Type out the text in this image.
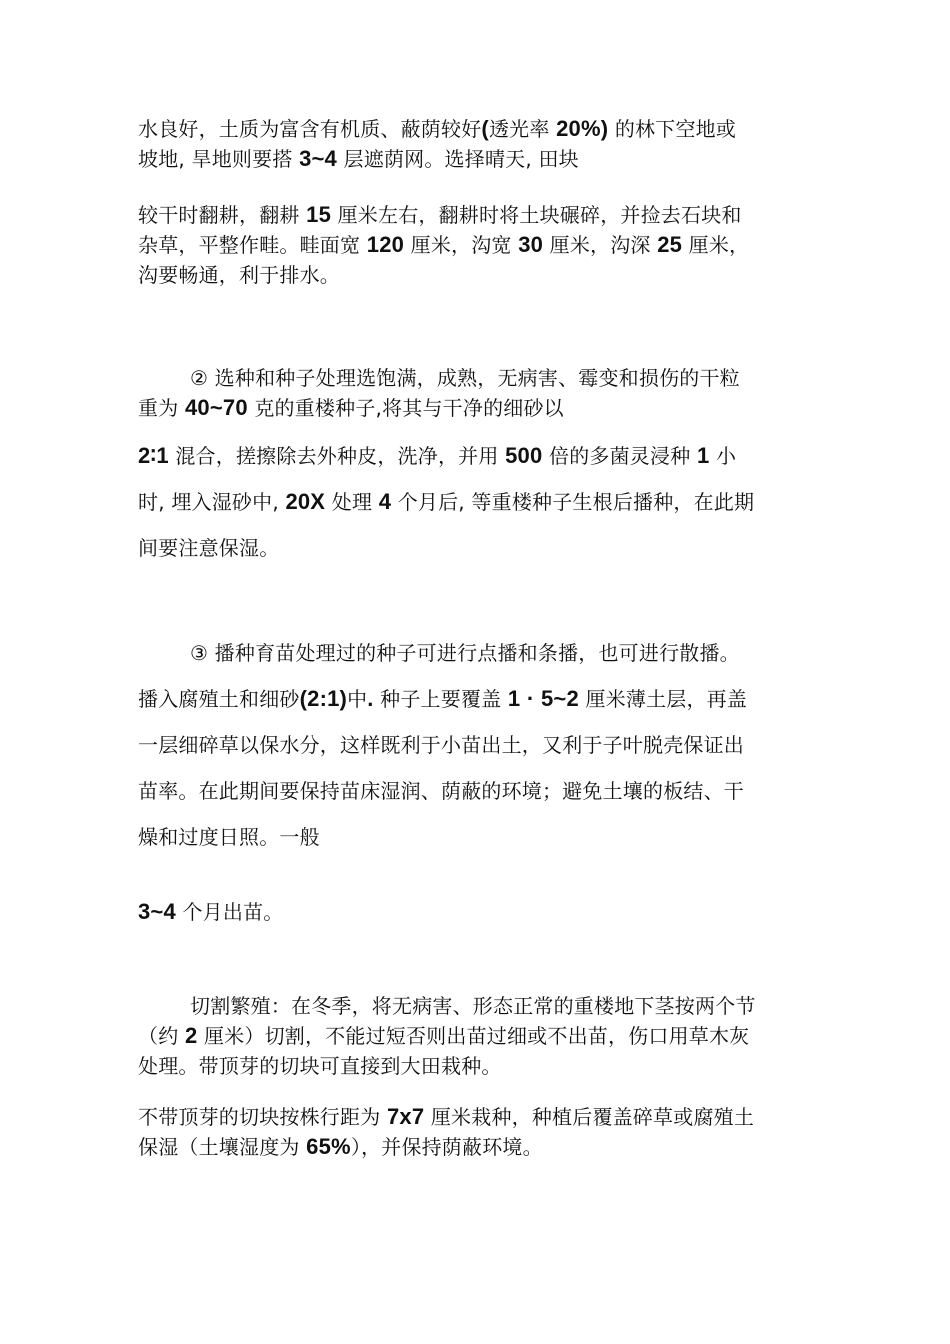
水良好，土质为富含有机质、蔽荫较好(透光率 20%) 的林下空地或
坡地, 旱地则要搭 3~4 层遮荫网。选择晴天, 田块
较干时翻耕，翻耕 15 厘米左右，翻耕时将土块碾碎，并捡去石块和
杂草，平整作畦。畦面宽 120 厘米，沟宽 30 厘米，沟深 25 厘米，
沟要畅通，利于排水。
② 选种和种子处理选饱满，成熟，无病害、霉变和损伤的干粒
重为 40~70 克的重楼种子,将其与干净的细砂以
2∶1 混合，搓擦除去外种皮，洗净，并用 500 倍的多菌灵浸种 1 小
时, 埋入湿砂中, 20X 处理 4 个月后, 等重楼种子生根后播种，在此期
间要注意保湿。
③ 播种育苗处理过的种子可进行点播和条播，也可进行散播。
播入腐殖土和细砂(2:1)中. 种子上要覆盖 1 · 5~2 厘米薄土层，再盖
一层细碎草以保水分，这样既利于小苗出土，又利于子叶脱壳保证出
苗率。在此期间要保持苗床湿润、荫蔽的环境；避免土壤的板结、干
燥和过度日照。一般
3~4 个月出苗。
切割繁殖：在冬季，将无病害、形态正常的重楼地下茎按两个节
（约 2 厘米）切割，不能过短否则出苗过细或不出苗，伤口用草木灰
处理。带顶芽的切块可直接到大田栽种。
不带顶芽的切块按株行距为 7x7 厘米栽种，种植后覆盖碎草或腐殖土
保湿（土壤湿度为 65%），并保持荫蔽环境。
